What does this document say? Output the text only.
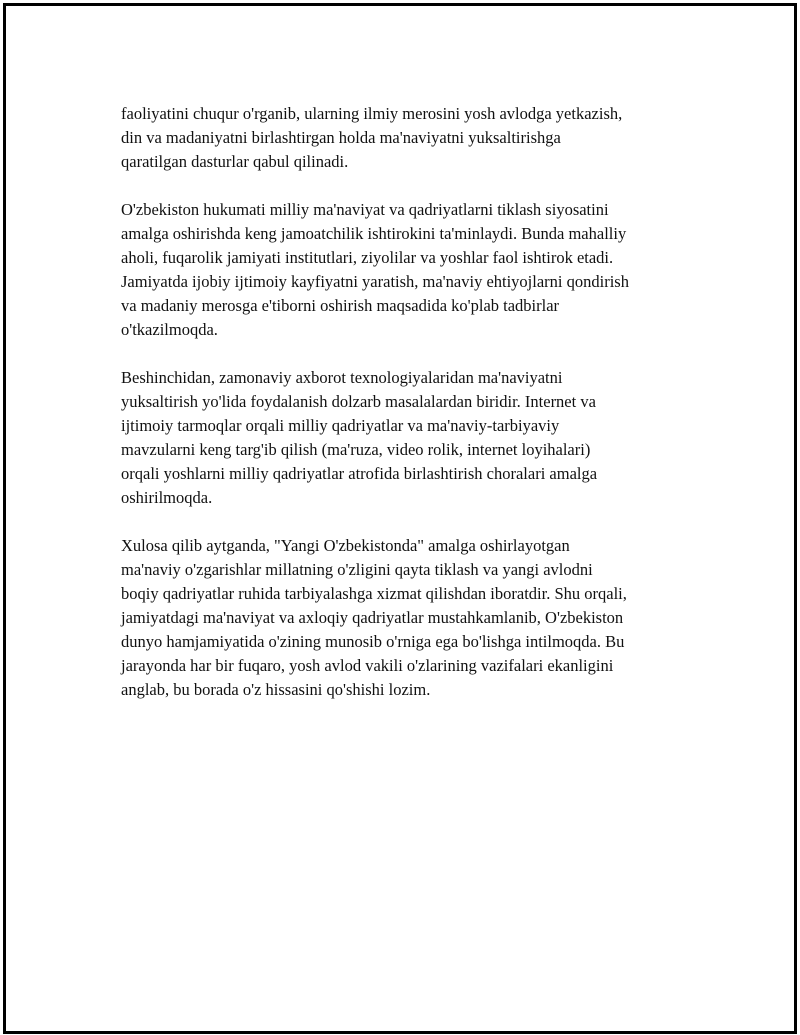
faoliyatini chuqur o'rganib, ularning ilmiy merosini yosh avlodga yetkazish,
din va madaniyatni birlashtirgan holda ma'naviyatni yuksaltirishga
qaratilgan dasturlar qabul qilinadi.

O'zbekiston hukumati milliy ma'naviyat va qadriyatlarni tiklash siyosatini
amalga oshirishda keng jamoatchilik ishtirokini ta'minlaydi. Bunda mahalliy
aholi, fuqarolik jamiyati institutlari, ziyolilar va yoshlar faol ishtirok etadi.
Jamiyatda ijobiy ijtimoiy kayfiyatni yaratish, ma'naviy ehtiyojlarni qondirish
va madaniy merosga e'tiborni oshirish maqsadida ko'plab tadbirlar
o'tkazilmoqda.

Beshinchidan, zamonaviy axborot texnologiyalaridan ma'naviyatni
yuksaltirish yo'lida foydalanish dolzarb masalalardan biridir. Internet va
ijtimoiy tarmoqlar orqali milliy qadriyatlar va ma'naviy-tarbiyaviy
mavzularni keng targ'ib qilish (ma'ruza, video rolik, internet loyihalari)
orqali yoshlarni milliy qadriyatlar atrofida birlashtirish choralari amalga
oshirilmoqda.

Xulosa qilib aytganda, "Yangi O'zbekistonda" amalga oshirlayotgan
ma'naviy o'zgarishlar millatning o'zligini qayta tiklash va yangi avlodni
boqiy qadriyatlar ruhida tarbiyalashga xizmat qilishdan iboratdir. Shu orqali,
jamiyatdagi ma'naviyat va axloqiy qadriyatlar mustahkamlanib, O'zbekiston
dunyo hamjamiyatida o'zining munosib o'rniga ega bo'lishga intilmoqda. Bu
jarayonda har bir fuqaro, yosh avlod vakili o'zlarining vazifalari ekanligini
anglab, bu borada o'z hissasini qo'shishi lozim.
